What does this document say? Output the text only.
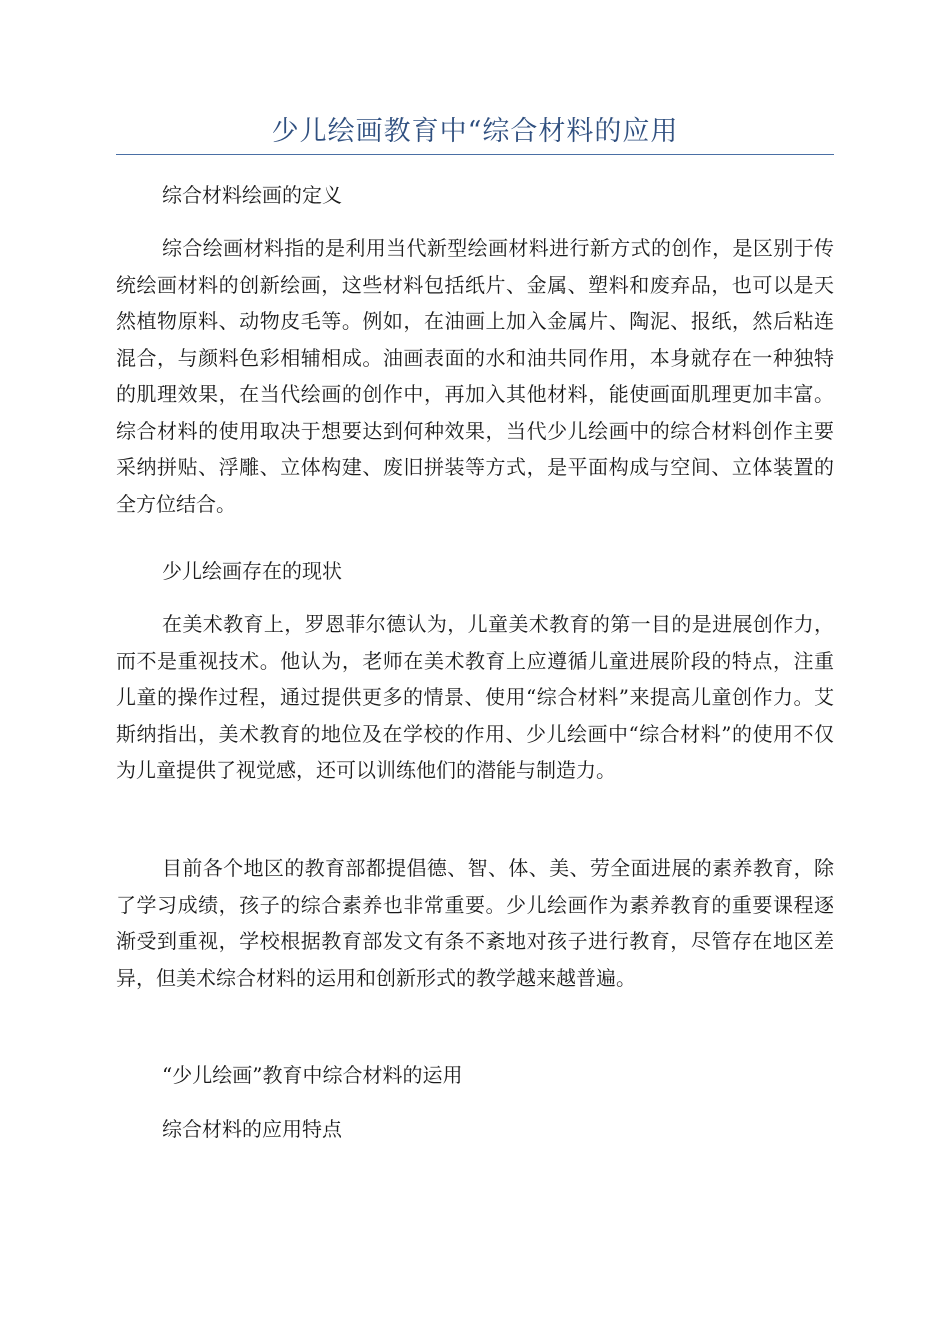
少儿绘画教育中“综合材料的应用
综合材料绘画的定义

综合绘画材料指的是利用当代新型绘画材料进行新方式的创作，是区别于传统绘画材料的创新绘画，这些材料包括纸片、金属、塑料和废弃品，也可以是天然植物原料、动物皮毛等。例如，在油画上加入金属片、陶泥、报纸，然后粘连混合，与颜料色彩相辅相成。油画表面的水和油共同作用，本身就存在一种独特的肌理效果，在当代绘画的创作中，再加入其他材料，能使画面肌理更加丰富。综合材料的使用取决于想要达到何种效果，当代少儿绘画中的综合材料创作主要采纳拼贴、浮雕、立体构建、废旧拼装等方式，是平面构成与空间、立体装置的全方位结合。

少儿绘画存在的现状

在美术教育上，罗恩菲尔德认为，儿童美术教育的第一目的是进展创作力，而不是重视技术。他认为，老师在美术教育上应遵循儿童进展阶段的特点，注重儿童的操作过程，通过提供更多的情景、使用“综合材料”来提高儿童创作力。艾斯纳指出，美术教育的地位及在学校的作用、少儿绘画中“综合材料”的使用不仅为儿童提供了视觉感，还可以训练他们的潜能与制造力。

目前各个地区的教育部都提倡德、智、体、美、劳全面进展的素养教育，除了学习成绩，孩子的综合素养也非常重要。少儿绘画作为素养教育的重要课程逐渐受到重视，学校根据教育部发文有条不紊地对孩子进行教育，尽管存在地区差异，但美术综合材料的运用和创新形式的教学越来越普遍。

“少儿绘画”教育中综合材料的运用
综合材料的应用特点
